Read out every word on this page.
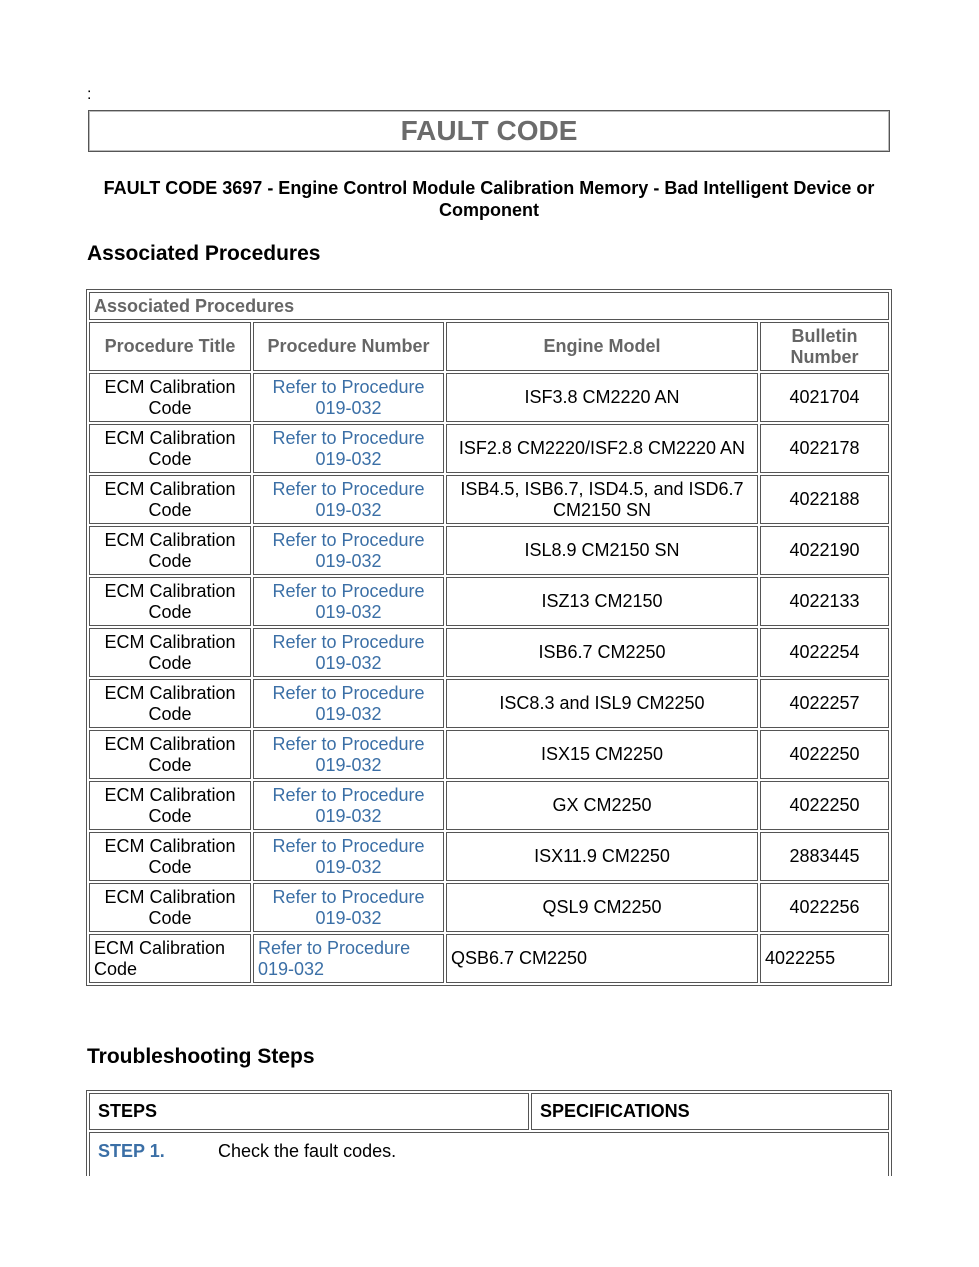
:
FAULT CODE
FAULT CODE 3697 - Engine Control Module Calibration Memory - Bad Intelligent Device or Component
Associated Procedures
Associated Procedures			
Procedure Title	Procedure Number	Engine Model	Bulletin Number
ECM Calibration Code	Refer to Procedure 019-032	ISF3.8 CM2220 AN	4021704
ECM Calibration Code	Refer to Procedure 019-032	ISF2.8 CM2220/ISF2.8 CM2220 AN	4022178
ECM Calibration Code	Refer to Procedure 019-032	ISB4.5, ISB6.7, ISD4.5, and ISD6.7 CM2150 SN	4022188
ECM Calibration Code	Refer to Procedure 019-032	ISL8.9 CM2150 SN	4022190
ECM Calibration Code	Refer to Procedure 019-032	ISZ13 CM2150	4022133
ECM Calibration Code	Refer to Procedure 019-032	ISB6.7 CM2250	4022254
ECM Calibration Code	Refer to Procedure 019-032	ISC8.3 and ISL9 CM2250	4022257
ECM Calibration Code	Refer to Procedure 019-032	ISX15 CM2250	4022250
ECM Calibration Code	Refer to Procedure 019-032	GX CM2250	4022250
ECM Calibration Code	Refer to Procedure 019-032	ISX11.9 CM2250	2883445
ECM Calibration Code	Refer to Procedure 019-032	QSL9 CM2250	4022256
ECM Calibration Code	Refer to Procedure 019-032	QSB6.7 CM2250	4022255
Troubleshooting Steps
STEPS	SPECIFICATIONS
STEP 1.	Check the fault codes.
